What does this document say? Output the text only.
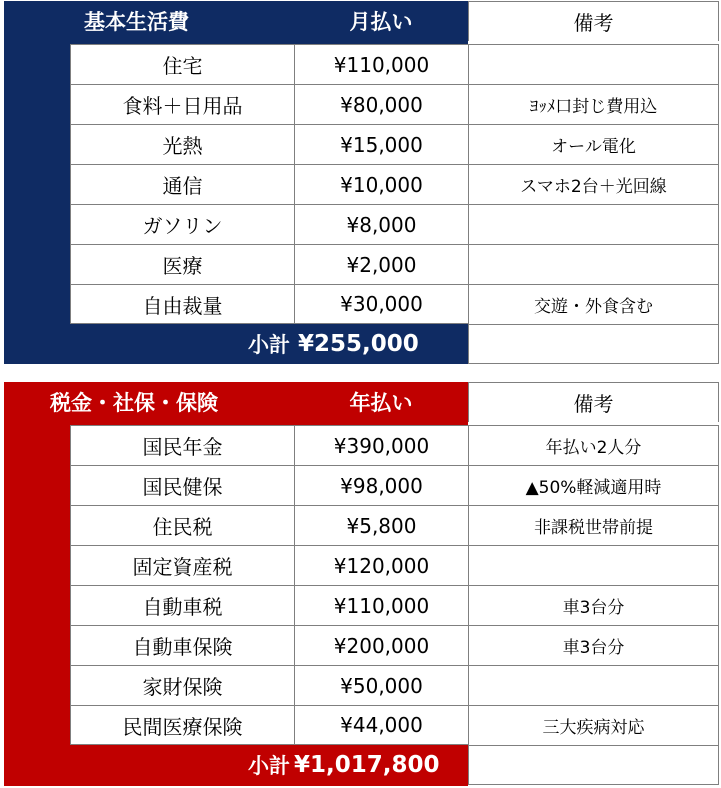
基本生活費	月払い	備考
住宅	¥110,000
食料＋日用品	¥80,000	ﾖｯﾒ口封じ費用込
光熱	¥15,000	オール電化
通信	¥10,000	スマホ2台＋光回線
ガソリン	¥8,000
医療	¥2,000
自由裁量	¥30,000	交遊・外食含む
小計 ¥255,000
税金・社保・保険	年払い	備考
国民年金	¥390,000	年払い2人分
国民健保	¥98,000	▲50%軽減適用時
住民税	¥5,800	非課税世帯前提
固定資産税	¥120,000
自動車税	¥110,000	車3台分
自動車保険	¥200,000	車3台分
家財保険	¥50,000
民間医療保険	¥44,000	三大疾病対応
小計 ¥1,017,800
